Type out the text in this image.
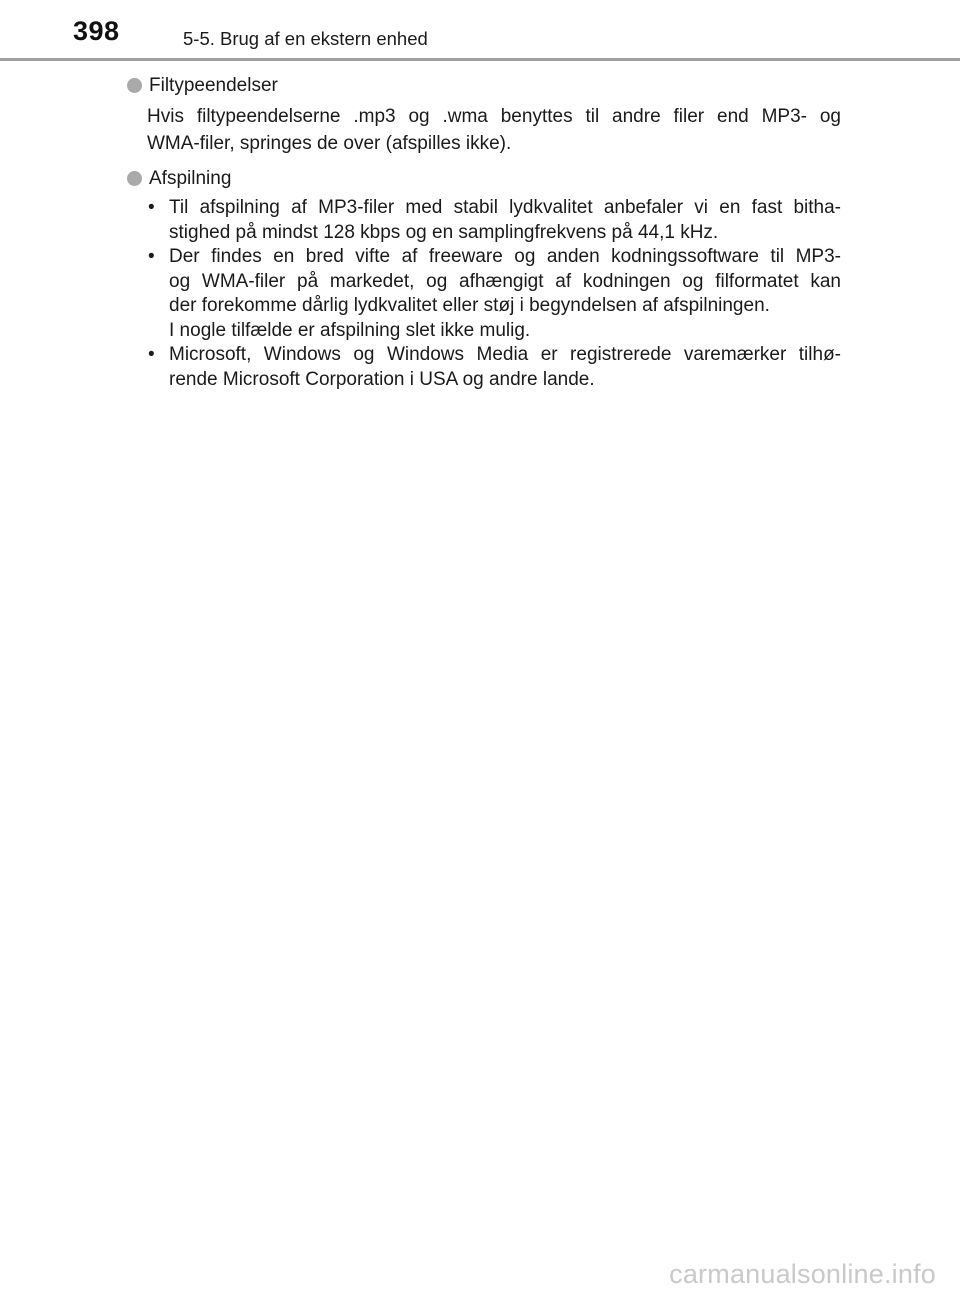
398	5-5. Brug af en ekstern enhed
Filtypeendelser
Hvis filtypeendelserne .mp3 og .wma benyttes til andre filer end MP3- og
WMA-filer, springes de over (afspilles ikke).
Afspilning
• Til afspilning af MP3-filer med stabil lydkvalitet anbefaler vi en fast bitha-
stighed på mindst 128 kbps og en samplingfrekvens på 44,1 kHz.
• Der findes en bred vifte af freeware og anden kodningssoftware til MP3-
og WMA-filer på markedet, og afhængigt af kodningen og filformatet kan
der forekomme dårlig lydkvalitet eller støj i begyndelsen af afspilningen.
I nogle tilfælde er afspilning slet ikke mulig.
• Microsoft, Windows og Windows Media er registrerede varemærker tilhø-
rende Microsoft Corporation i USA og andre lande.
carmanualsonline.info
